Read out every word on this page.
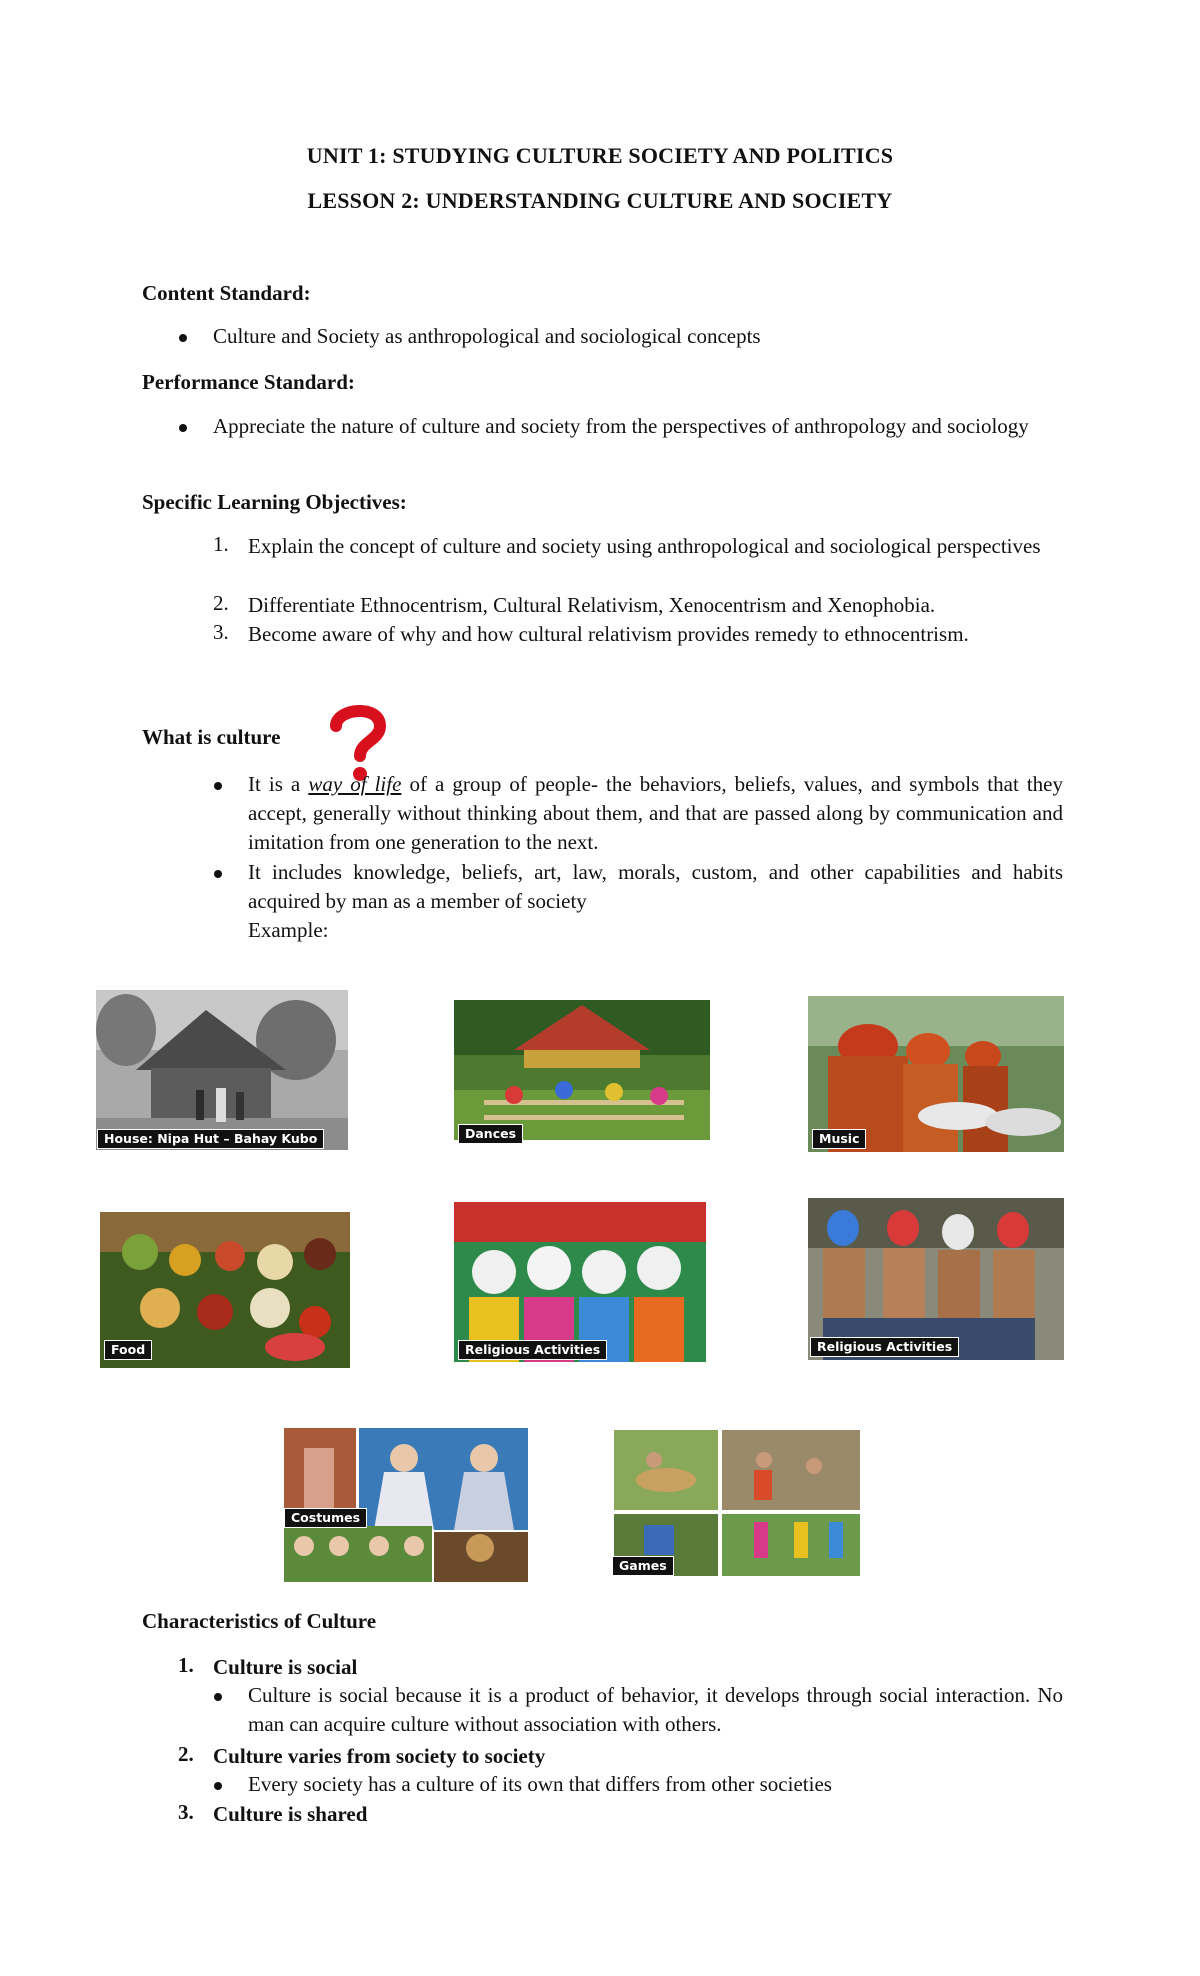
UNIT 1: STUDYING CULTURE SOCIETY AND POLITICS
LESSON 2: UNDERSTANDING CULTURE AND SOCIETY
Content Standard:
Culture and Society as anthropological and sociological concepts
Performance Standard:
Appreciate the nature of culture and society from the perspectives of anthropology and sociology
Specific Learning Objectives:
1. Explain the concept of culture and society using anthropological and sociological perspectives
2. Differentiate Ethnocentrism, Cultural Relativism, Xenocentrism and Xenophobia.
3. Become aware of why and how cultural relativism provides remedy to ethnocentrism.
What is culture
It is a way of life of a group of people- the behaviors, beliefs, values, and symbols that they accept, generally without thinking about them, and that are passed along by communication and imitation from one generation to the next.
It includes knowledge, beliefs, art, law, morals, custom, and other capabilities and habits acquired by man as a member of society
Example:
House: Nipa Hut – Bahay Kubo	Dances	Music
Food	Religious Activities	Religious Activities
Costumes
Games
Characteristics of Culture
1. Culture is social
Culture is social because it is a product of behavior, it develops through social interaction. No man can acquire culture without association with others.
2. Culture varies from society to society
Every society has a culture of its own that differs from other societies
3. Culture is shared
